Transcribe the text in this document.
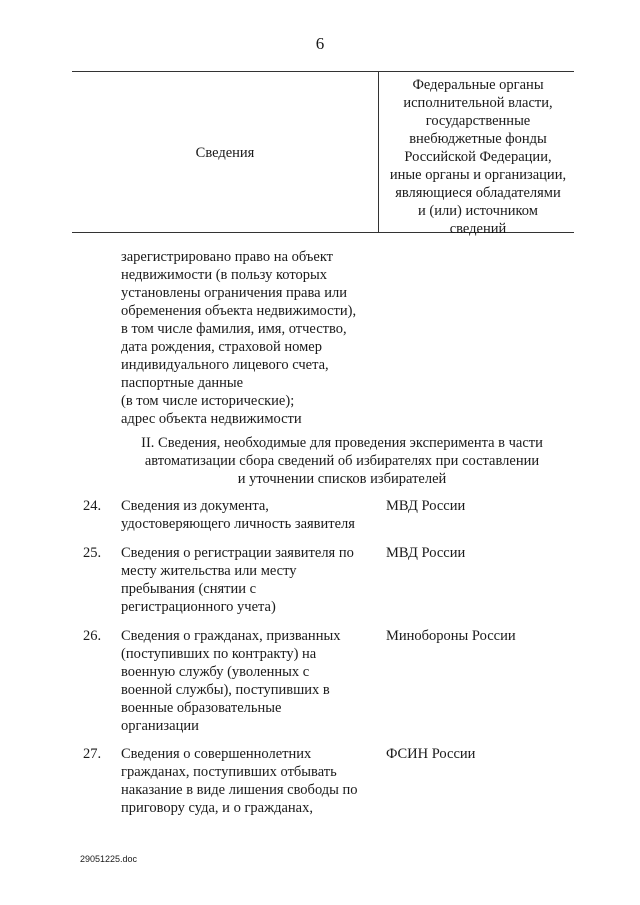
6
Сведения
Федеральные органы
исполнительной власти,
государственные
внебюджетные фонды
Российской Федерации,
иные органы и организации,
являющиеся обладателями
и (или) источником
сведений
зарегистрировано право на объект
недвижимости (в пользу которых
установлены ограничения права или
обременения объекта недвижимости),
в том числе фамилия, имя, отчество,
дата рождения, страховой номер
индивидуального лицевого счета,
паспортные данные
(в том числе исторические);
адрес объекта недвижимости
II. Сведения, необходимые для проведения эксперимента в части
автоматизации сбора сведений об избирателях при составлении
и уточнении списков избирателей
24. Сведения из документа,
удостоверяющего личность заявителя
МВД России
25. Сведения о регистрации заявителя по
месту жительства или месту
пребывания (снятии с
регистрационного учета)
МВД России
26. Сведения о гражданах, призванных
(поступивших по контракту) на
военную службу (уволенных с
военной службы), поступивших в
военные образовательные
организации
Минобороны России
27. Сведения о совершеннолетних
гражданах, поступивших отбывать
наказание в виде лишения свободы по
приговору суда, и о гражданах,
ФСИН России
29051225.doc
